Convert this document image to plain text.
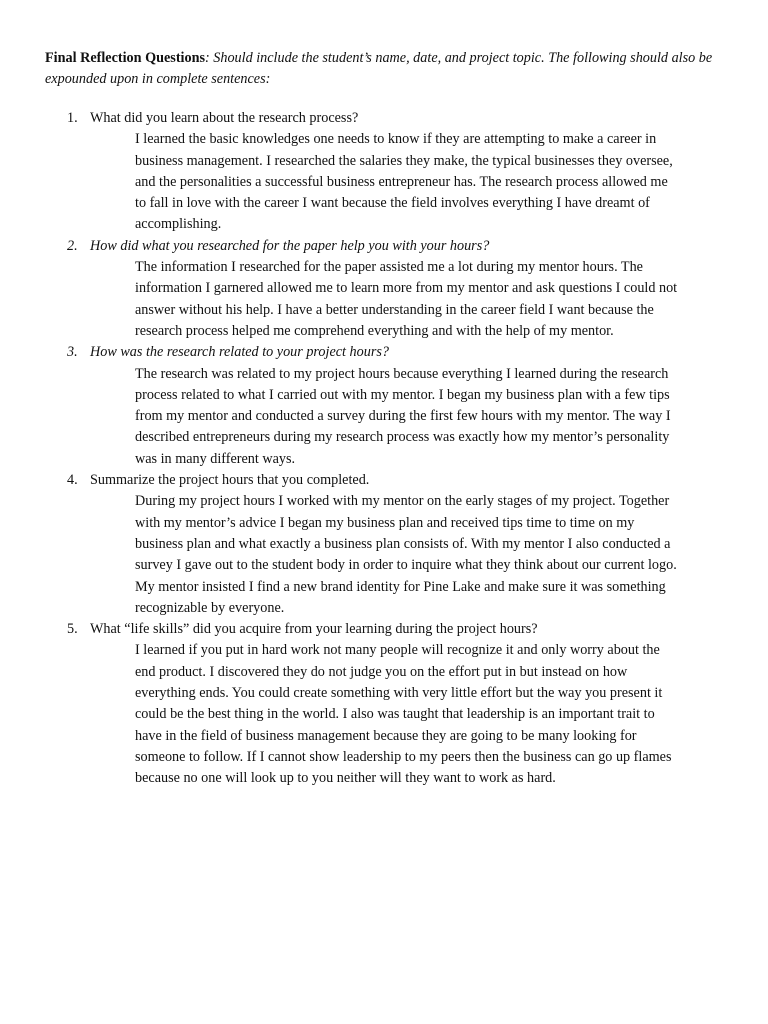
Final Reflection Questions: Should include the student’s name, date, and project topic. The following should also be expounded upon in complete sentences:

1. What did you learn about the research process?

I learned the basic knowledges one needs to know if they are attempting to make a career in business management. I researched the salaries they make, the typical businesses they oversee, and the personalities a successful business entrepreneur has. The research process allowed me to fall in love with the career I want because the field involves everything I have dreamt of accomplishing.

2. How did what you researched for the paper help you with your hours?

The information I researched for the paper assisted me a lot during my mentor hours. The information I garnered allowed me to learn more from my mentor and ask questions I could not answer without his help. I have a better understanding in the career field I want because the research process helped me comprehend everything and with the help of my mentor.

3. How was the research related to your project hours?

The research was related to my project hours because everything I learned during the research process related to what I carried out with my mentor. I began my business plan with a few tips from my mentor and conducted a survey during the first few hours with my mentor. The way I described entrepreneurs during my research process was exactly how my mentor’s personality was in many different ways.

4. Summarize the project hours that you completed.

During my project hours I worked with my mentor on the early stages of my project. Together with my mentor’s advice I began my business plan and received tips time to time on my business plan and what exactly a business plan consists of. With my mentor I also conducted a survey I gave out to the student body in order to inquire what they think about our current logo. My mentor insisted I find a new brand identity for Pine Lake and make sure it was something recognizable by everyone.

5. What “life skills” did you acquire from your learning during the project hours?

I learned if you put in hard work not many people will recognize it and only worry about the end product. I discovered they do not judge you on the effort put in but instead on how everything ends. You could create something with very little effort but the way you present it could be the best thing in the world. I also was taught that leadership is an important trait to have in the field of business management because they are going to be many looking for someone to follow. If I cannot show leadership to my peers then the business can go up flames because no one will look up to you neither will they want to work as hard.
